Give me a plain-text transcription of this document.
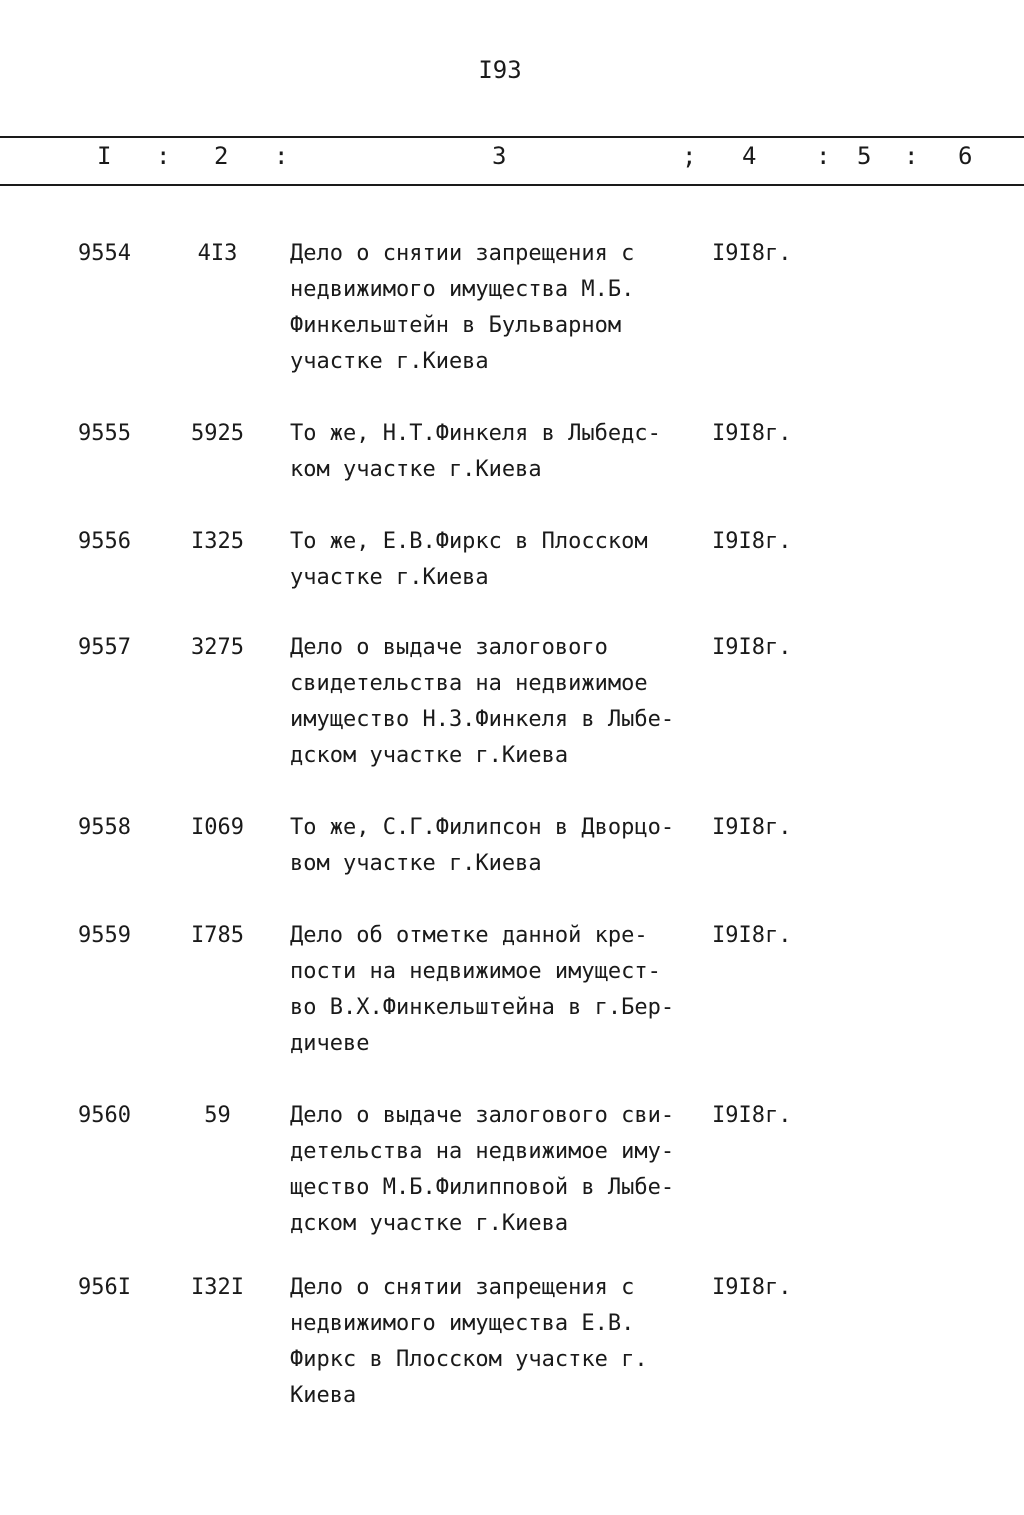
I93
I : 2 :	3	; 4 : 5 : 6
9554	4I3	Дело о снятии запрещения с
недвижимого имущества М.Б.
Финкельштейн в Бульварном
участке г.Киева
I9I8г.
9555	5925	То же, Н.Т.Финкеля в Лыбедс-
ком участке г.Киева
I9I8г.
9556	I325	То же, Е.В.Фиркс в Плосском
участке г.Киева
I9I8г.
9557	3275	Дело о выдаче залогового
свидетельства на недвижимое
имущество Н.З.Финкеля в Лыбе-
дском участке г.Киева
I9I8г.
9558	I069	То же, С.Г.Филипсон в Дворцо-
вом участке г.Киева
I9I8г.
9559	I785	Дело об отметке данной кре-
пости на недвижимое имущест-
во В.Х.Финкельштейна в г.Бер-
дичеве
I9I8г.
9560	59	Дело о выдаче залогового сви-
детельства на недвижимое иму-
щество М.Б.Филипповой в Лыбе-
дском участке г.Киева
I9I8г.
956I	I32I	Дело о снятии запрещения с
недвижимого имущества Е.В.
Фиркс в Плосском участке г.
Киева
I9I8г.
